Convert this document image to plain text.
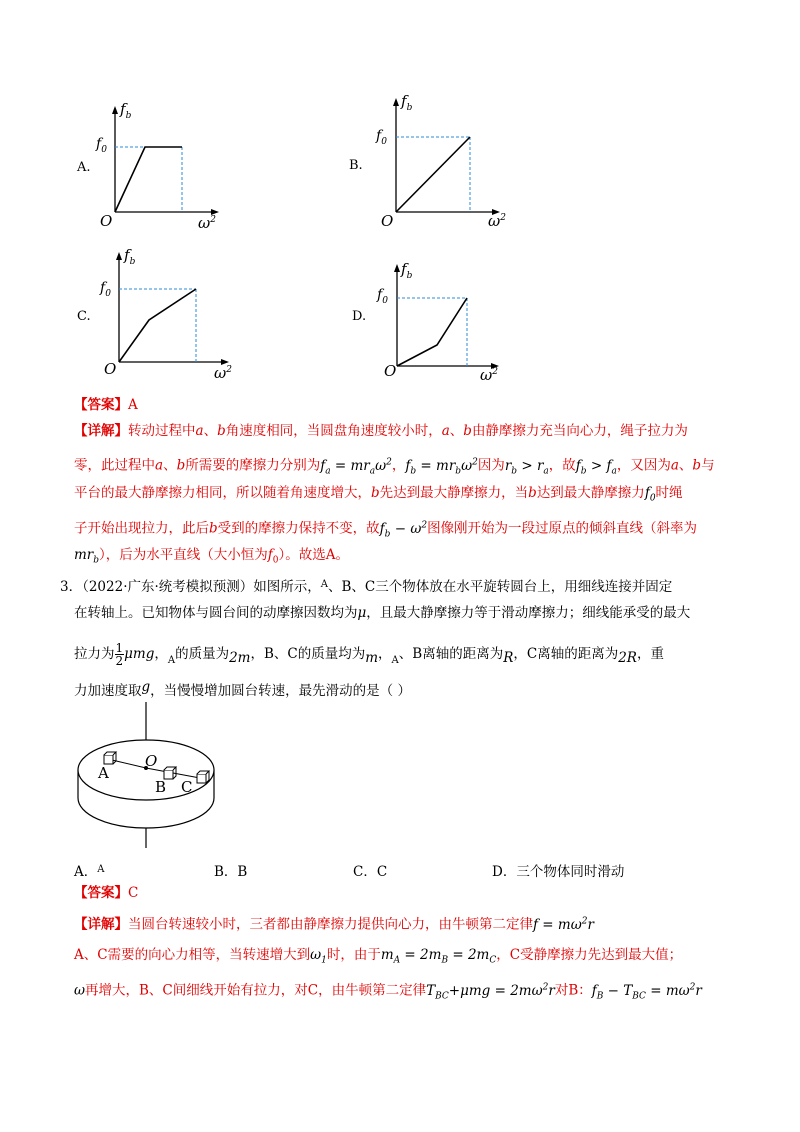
A.
$f_b$
$f_0$
O	$\omega^2$
B.
$f_b$
$f_0$
O	$\omega^2$
C.
$f_b$
$f_0$
O	$\omega^2$
D.
$f_b$
$f_0$
O	$\omega^2$
【答案】A
【详解】转动过程中a、b角速度相同，当圆盘角速度较小时，a、b由静摩擦力充当向心力，绳子拉力为
零，此过程中a、b所需要的摩擦力分别为$f_a = mr_a\omega^2$，$f_b = mr_b\omega^2$因为$r_b > r_a$，故$f_b > f_a$，又因为a、b与
平台的最大静摩擦力相同，所以随着角速度增大，b先达到最大静摩擦力，当b达到最大静摩擦力$f_0$时绳
子开始出现拉力，此后b受到的摩擦力保持不变，故$f_b - \omega^2$图像刚开始为一段过原点的倾斜直线（斜率为
$mr_b$），后为水平直线（大小恒为$f_0$）。故选A。
3．（2022·广东·统考模拟预测）如图所示，$^A$、B、C三个物体放在水平旋转圆台上，用细线连接并固定
在转轴上。已知物体与圆台间的动摩擦因数均为μ，且最大静摩擦力等于滑动摩擦力；细线能承受的最大
拉力为 $\frac{1}{2}$ μmg，$_A$的质量为2m，B、C的质量均为m，$_A$、B离轴的距离为R，C离轴的距离为2R，重
力加速度取g，当慢慢增加圆台转速，最先滑动的是（ ）
A
O
B C
A．$^A$	B．B	C．C	D．三个物体同时滑动
【答案】C
【详解】当圆台转速较小时，三者都由静摩擦力提供向心力，由牛顿第二定律$f = m\omega^2r$
A、C需要的向心力相等，当转速增大到$\omega_1$时，由于$m_A = 2m_B = 2m_C$，C受静摩擦力先达到最大值；
ω再增大，B、C间细线开始有拉力，对C，由牛顿第二定律$T_{BC}+\mu mg = 2m\omega^2r$对B：$f_B - T_{BC} = m\omega^2r$
